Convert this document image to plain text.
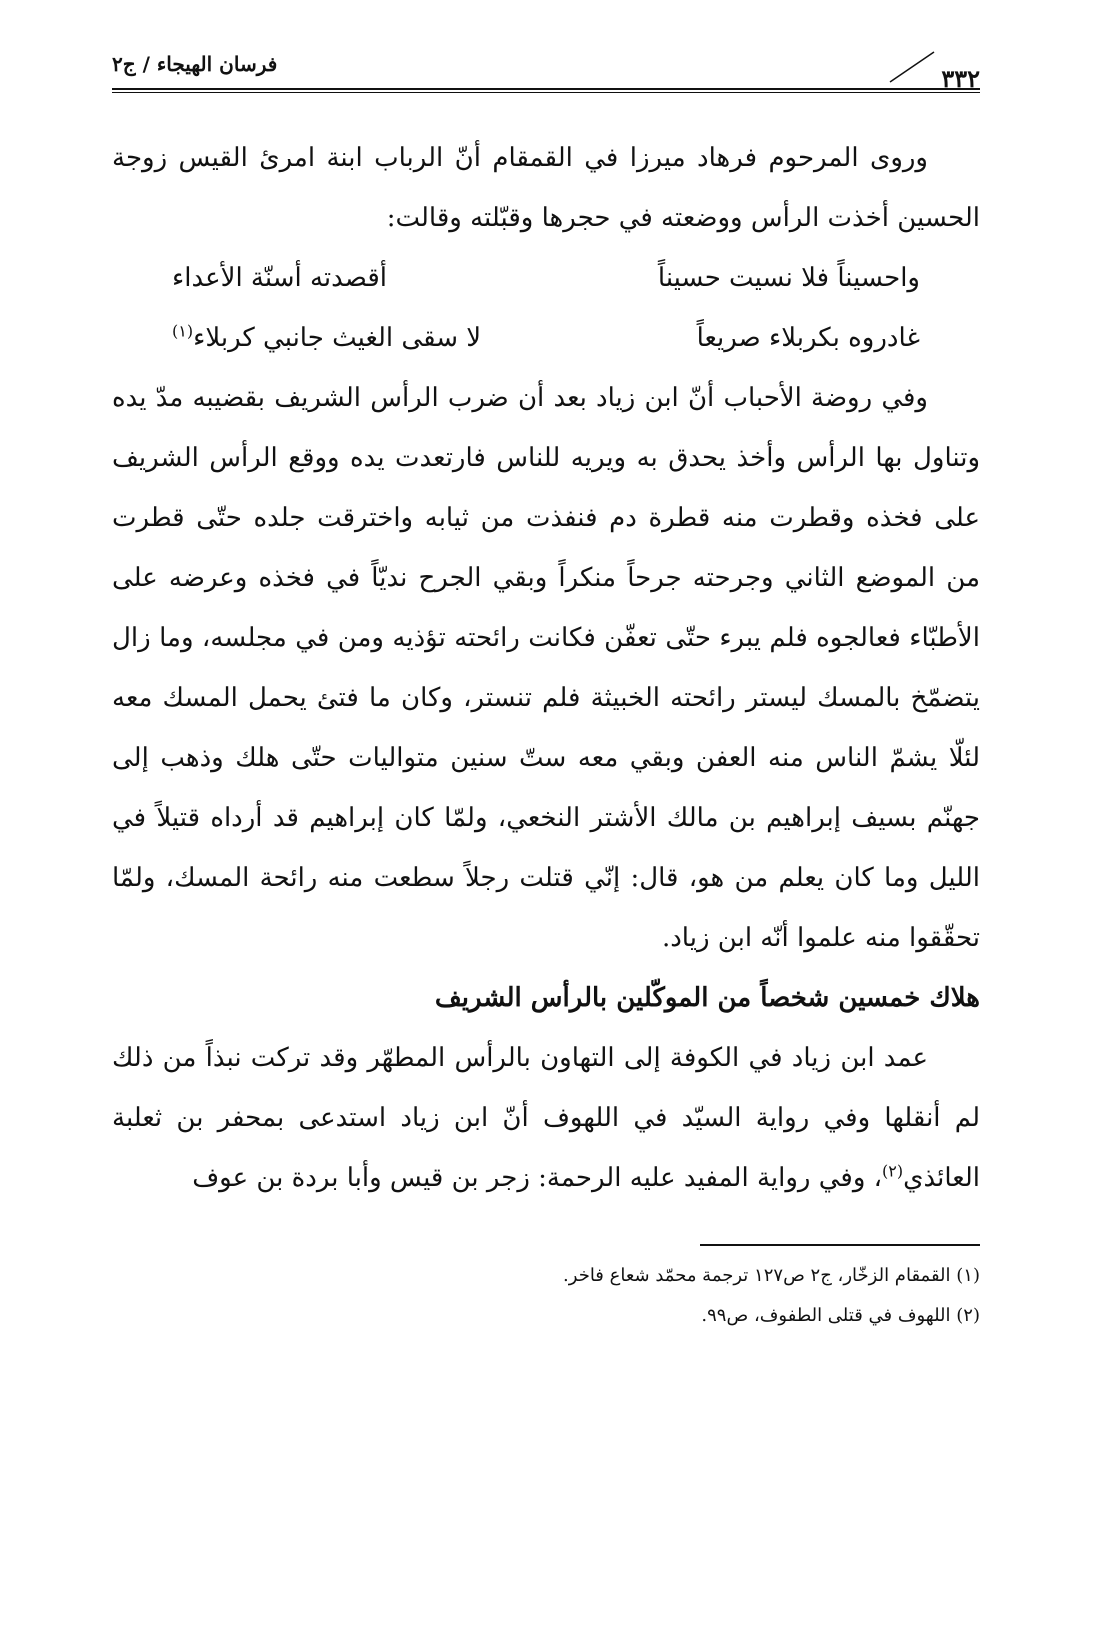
فرسان الهيجاء / ج٢	٣٣٢

وروى المرحوم فرهاد ميرزا في القمقام أنّ الرباب ابنة امرئ القيس زوجة الحسين أخذت الرأس ووضعته في حجرها وقبّلته وقالت:

واحسيناً فلا نسيت حسيناً
أقصدته أسنّة الأعداء
غادروه بكربلاء صريعاً
لا سقى الغيث جانبي كربلاء$^{(١)}$

وفي روضة الأحباب أنّ ابن زياد بعد أن ضرب الرأس الشريف بقضيبه مدّ يده وتناول بها الرأس وأخذ يحدق به ويريه للناس فارتعدت يده ووقع الرأس الشريف على فخذه وقطرت منه قطرة دم فنفذت من ثيابه واخترقت جلده حتّى قطرت من الموضع الثاني وجرحته جرحاً منكراً وبقي الجرح نديّاً في فخذه وعرضه على الأطبّاء فعالجوه فلم يبرء حتّى تعفّن فكانت رائحته تؤذيه ومن في مجلسه، وما زال يتضمّخ بالمسك ليستر رائحته الخبيثة فلم تنستر، وكان ما فتئ يحمل المسك معه لئلّا يشمّ الناس منه العفن وبقي معه ستّ سنين متواليات حتّى هلك وذهب إلى جهنّم بسيف إبراهيم بن مالك الأشتر النخعي، ولمّا كان إبراهيم قد أرداه قتيلاً في الليل وما كان يعلم من هو، قال: إنّي قتلت رجلاً سطعت منه رائحة المسك، ولمّا تحقّقوا منه علموا أنّه ابن زياد.

هلاك خمسين شخصاً من الموكّلين بالرأس الشريف

عمد ابن زياد في الكوفة إلى التهاون بالرأس المطهّر وقد تركت نبذاً من ذلك لم أنقلها وفي رواية السيّد في اللهوف أنّ ابن زياد استدعى بمحفر بن ثعلبة العائذي$^{(٢)}$، وفي رواية المفيد عليه الرحمة: زجر بن قيس وأبا بردة بن عوف

(١) القمقام الزخّار، ج٢ ص١٢٧ ترجمة محمّد شعاع فاخر.

(٢) اللهوف في قتلى الطفوف، ص٩٩.
